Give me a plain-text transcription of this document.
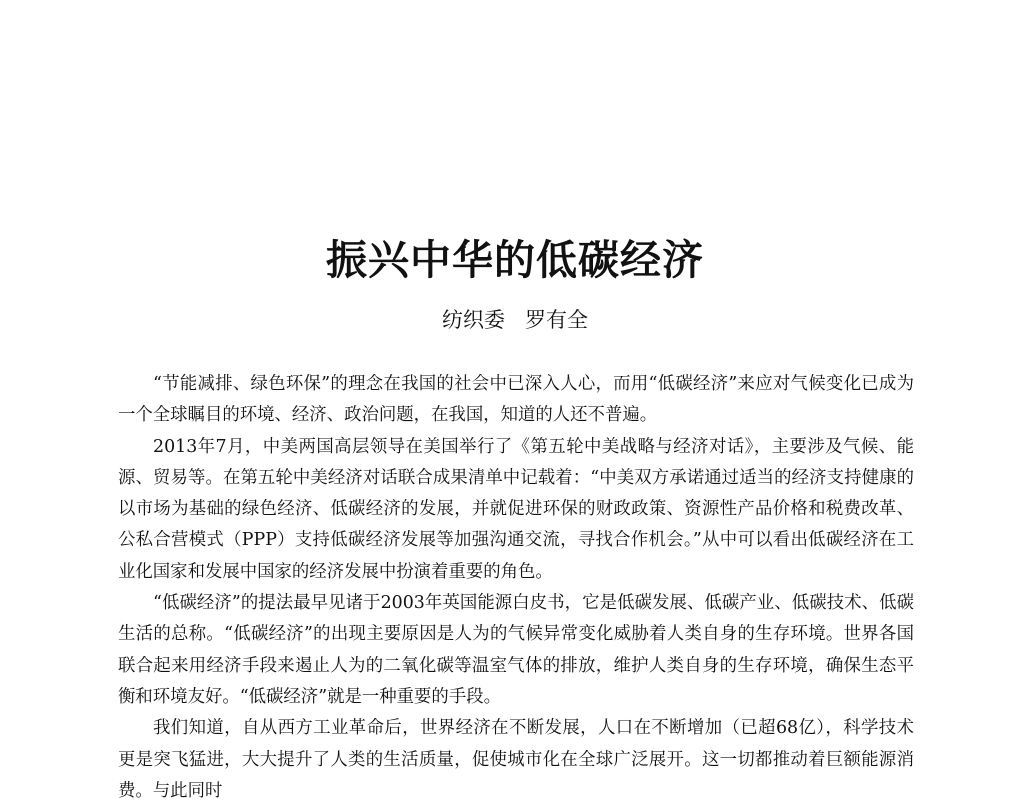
振兴中华的低碳经济
纺织委   罗有全

“节能减排、绿色环保”的理念在我国的社会中已深入人心，而用“低碳经济”来应对气候变化已成为一个全球瞩目的环境、经济、政治问题，在我国，知道的人还不普遍。

2013年7月，中美两国高层领导在美国举行了《第五轮中美战略与经济对话》，主要涉及气候、能源、贸易等。在第五轮中美经济对话联合成果清单中记载着：“中美双方承诺通过适当的经济支持健康的以市场为基础的绿色经济、低碳经济的发展，并就促进环保的财政政策、资源性产品价格和税费改革、公私合营模式（PPP）支持低碳经济发展等加强沟通交流，寻找合作机会。”从中可以看出低碳经济在工业化国家和发展中国家的经济发展中扮演着重要的角色。

“低碳经济”的提法最早见诸于2003年英国能源白皮书，它是低碳发展、低碳产业、低碳技术、低碳生活的总称。“低碳经济”的出现主要原因是人为的气候异常变化威胁着人类自身的生存环境。世界各国联合起来用经济手段来遏止人为的二氧化碳等温室气体的排放，维护人类自身的生存环境，确保生态平衡和环境友好。“低碳经济”就是一种重要的手段。

我们知道，自从西方工业革命后，世界经济在不断发展，人口在不断增加（已超68亿），科学技术更是突飞猛进，大大提升了人类的生活质量，促使城市化在全球广泛展开。这一切都推动着巨额能源消费。与此同时
